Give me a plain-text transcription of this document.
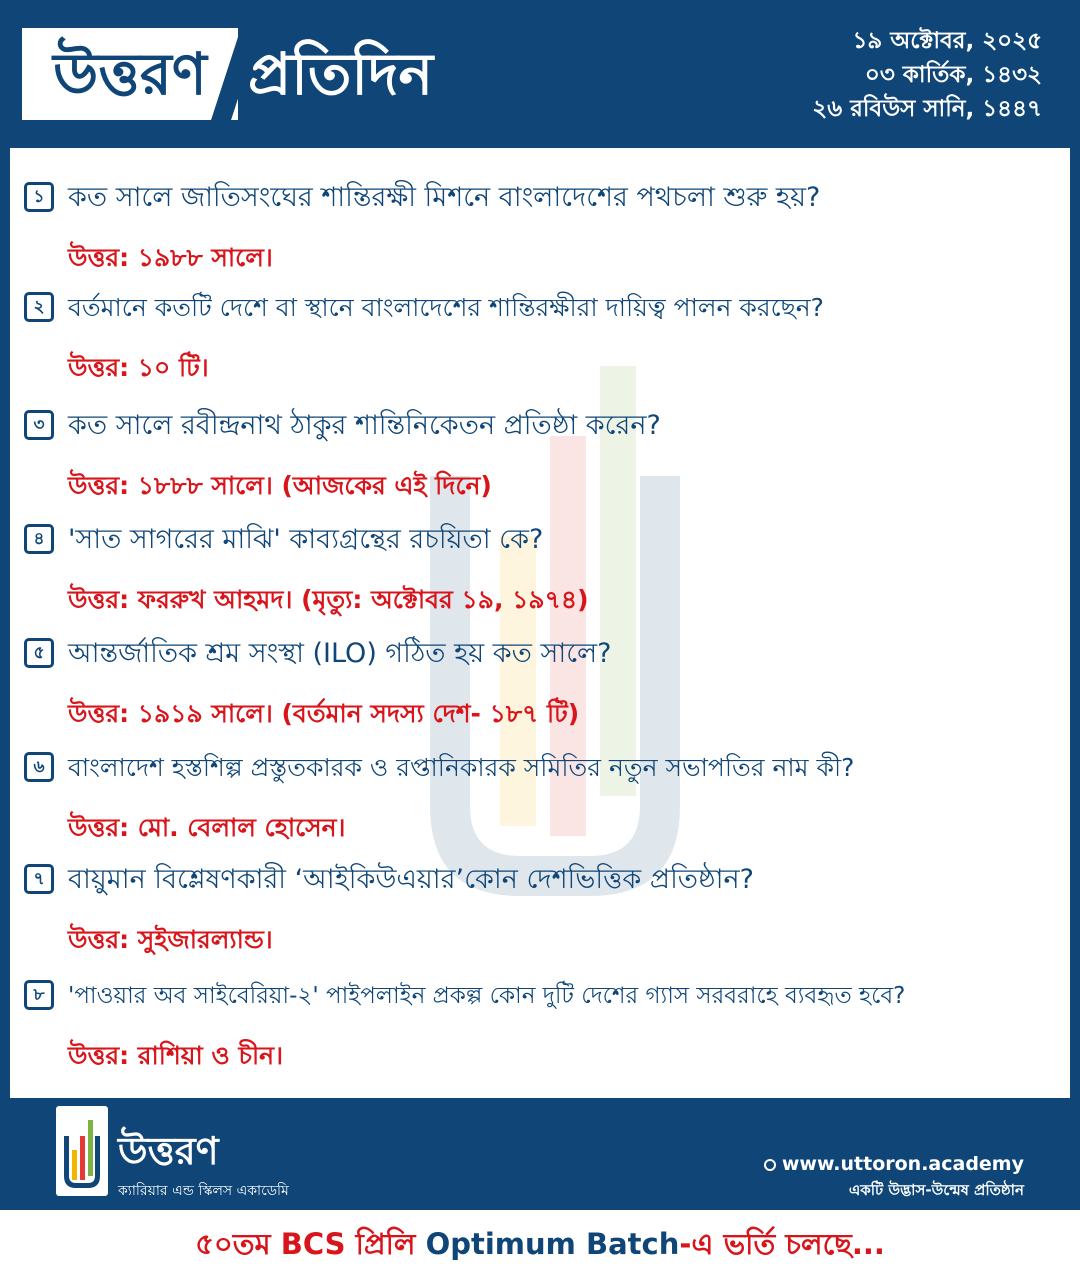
উত্তরণ প্রতিদিন	১৯ অক্টোবর, ২০২৫
০৩ কার্তিক, ১৪৩২
২৬ রবিউস সানি, ১৪৪৭
১ কত সালে জাতিসংঘের শান্তিরক্ষী মিশনে বাংলাদেশের পথচলা শুরু হয়?
উত্তর: ১৯৮৮ সালে।
২ বর্তমানে কতটি দেশে বা স্থানে বাংলাদেশের শান্তিরক্ষীরা দায়িত্ব পালন করছেন?
উত্তর: ১০ টি।
৩ কত সালে রবীন্দ্রনাথ ঠাকুর শান্তিনিকেতন প্রতিষ্ঠা করেন?
উত্তর: ১৮৮৮ সালে। (আজকের এই দিনে)
৪ 'সাত সাগরের মাঝি' কাব্যগ্রন্থের রচয়িতা কে?
উত্তর: ফররুখ আহমদ। (মৃত্যু: অক্টোবর ১৯, ১৯৭৪)
৫ আন্তর্জাতিক শ্রম সংস্থা (ILO) গঠিত হয় কত সালে?
উত্তর: ১৯১৯ সালে। (বর্তমান সদস্য দেশ- ১৮৭ টি)
৬ বাংলাদেশ হস্তশিল্প প্রস্তুতকারক ও রপ্তানিকারক সমিতির নতুন সভাপতির নাম কী?
উত্তর: মো. বেলাল হোসেন।
৭ বায়ুমান বিশ্লেষণকারী ‘আইকিউএয়ার’কোন দেশভিত্তিক প্রতিষ্ঠান?
উত্তর: সুইজারল্যান্ড।
৮	'পাওয়ার অব সাইবেরিয়া-২' পাইপলাইন প্রকল্প কোন দুটি দেশের গ্যাস সরবরাহে ব্যবহৃত হবে?
উত্তর: রাশিয়া ও চীন।
উত্তরণ
ক্যারিয়ার এন্ড স্কিলস একাডেমি
www.uttoron.academy
একটি উদ্ভাস-উন্মেষ প্রতিষ্ঠান
৫০তম BCS প্রিলি Optimum Batch-এ ভর্তি চলছে...
